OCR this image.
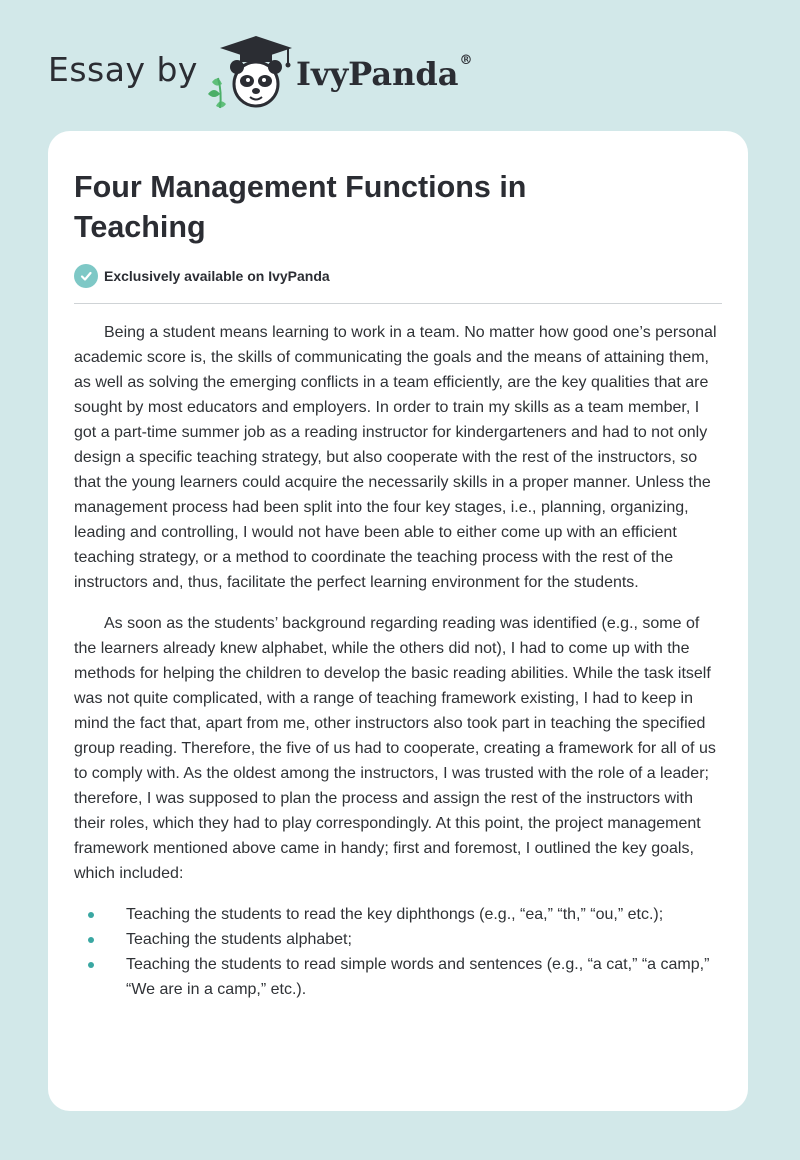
Essay by	IvyPanda®
Four Management Functions in Teaching
Exclusively available on IvyPanda

Being a student means learning to work in a team. No matter how good one’s personal academic score is, the skills of communicating the goals and the means of attaining them, as well as solving the emerging conflicts in a team efficiently, are the key qualities that are sought by most educators and employers. In order to train my skills as a team member, I got a part-time summer job as a reading instructor for kindergarteners and had to not only design a specific teaching strategy, but also cooperate with the rest of the instructors, so that the young learners could acquire the necessarily skills in a proper manner. Unless the management process had been split into the four key stages, i.e., planning, organizing, leading and controlling, I would not have been able to either come up with an efficient teaching strategy, or a method to coordinate the teaching process with the rest of the instructors and, thus, facilitate the perfect learning environment for the students.

As soon as the students’ background regarding reading was identified (e.g., some of the learners already knew alphabet, while the others did not), I had to come up with the methods for helping the children to develop the basic reading abilities. While the task itself was not quite complicated, with a range of teaching framework existing, I had to keep in mind the fact that, apart from me, other instructors also took part in teaching the specified group reading. Therefore, the five of us had to cooperate, creating a framework for all of us to comply with. As the oldest among the instructors, I was trusted with the role of a leader; therefore, I was supposed to plan the process and assign the rest of the instructors with their roles, which they had to play correspondingly. At this point, the project management framework mentioned above came in handy; first and foremost, I outlined the key goals, which included:

Teaching the students to read the key diphthongs (e.g., “ea,” “th,” “ou,” etc.);
Teaching the students alphabet;
Teaching the students to read simple words and sentences (e.g., “a cat,” “a camp,” “We are in a camp,” etc.).
